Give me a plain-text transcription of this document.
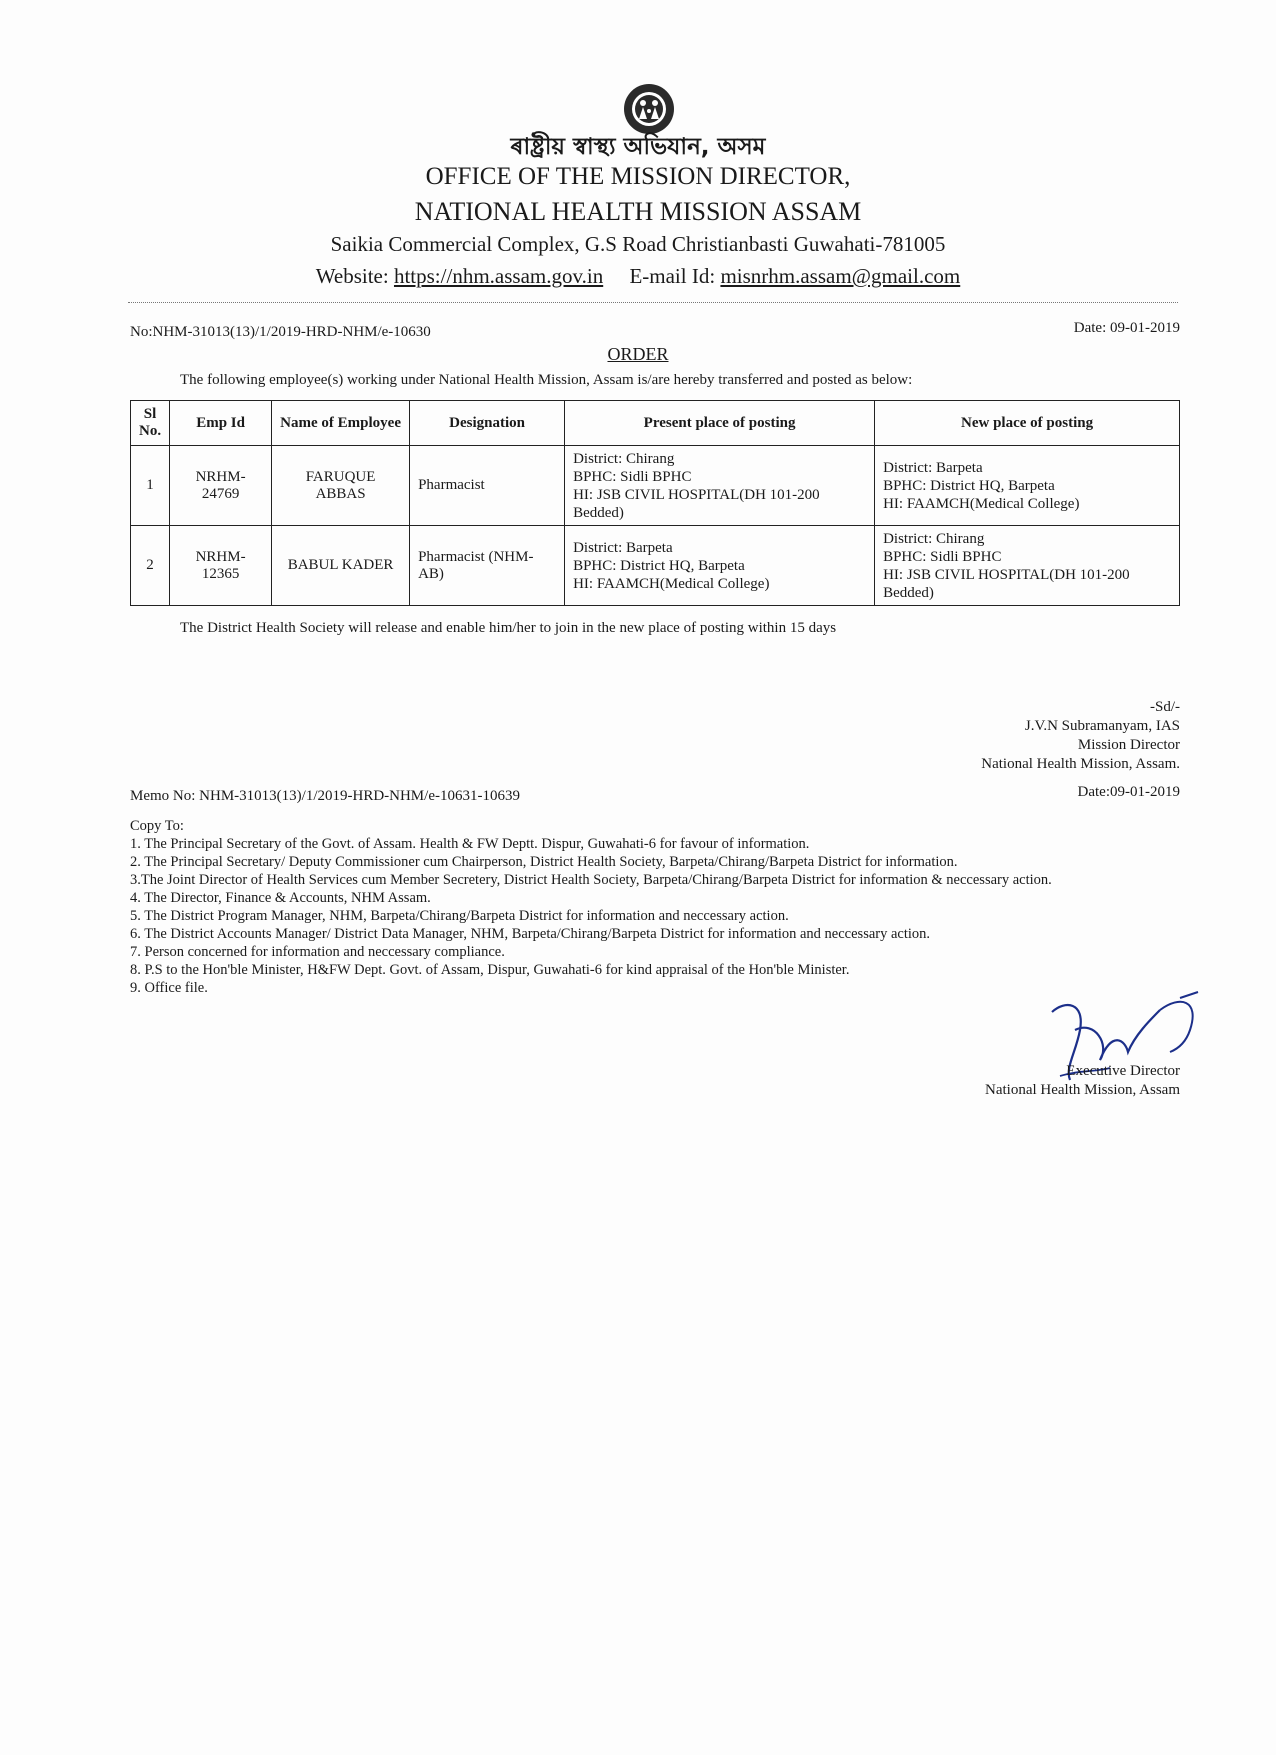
ৰাষ্ট্ৰীয় স্বাস্থ্য অভিযান, অসম
OFFICE OF THE MISSION DIRECTOR,
NATIONAL HEALTH MISSION ASSAM
Saikia Commercial Complex, G.S Road Christianbasti Guwahati-781005
Website: https://nhm.assam.gov.in E-mail Id: misnrhm.assam@gmail.com
No:NHM-31013(13)/1/2019-HRD-NHM/e-10630	Date: 09-01-2019
ORDER
The following employee(s) working under National Health Mission, Assam is/are hereby transferred and posted as below:
Sl No.	Emp Id	Name of Employee	Designation	Present place of posting	New place of posting
1	NRHM-24769	FARUQUE ABBAS	Pharmacist	District: Chirang
BPHC: Sidli BPHC
HI: JSB CIVIL HOSPITAL(DH 101-200 Bedded)	District: Barpeta
BPHC: District HQ, Barpeta
HI: FAAMCH(Medical College)

2	NRHM-12365	BABUL KADER	Pharmacist (NHM-AB)	District: Barpeta
BPHC: District HQ, Barpeta
HI: FAAMCH(Medical College)	District: Chirang
BPHC: Sidli BPHC
HI: JSB CIVIL HOSPITAL(DH 101-200 Bedded)
The District Health Society will release and enable him/her to join in the new place of posting within 15 days
-Sd/-
J.V.N Subramanyam, IAS
Mission Director
National Health Mission, Assam.
Memo No: NHM-31013(13)/1/2019-HRD-NHM/e-10631-10639	Date:09-01-2019
Copy To:
1. The Principal Secretary of the Govt. of Assam. Health & FW Deptt. Dispur, Guwahati-6 for favour of information.
2. The Principal Secretary/ Deputy Commissioner cum Chairperson, District Health Society, Barpeta/Chirang/Barpeta District for information.
3.The Joint Director of Health Services cum Member Secretery, District Health Society, Barpeta/Chirang/Barpeta District for information & neccessary action.
4. The Director, Finance & Accounts, NHM Assam.
5. The District Program Manager, NHM, Barpeta/Chirang/Barpeta District for information and neccessary action.
6. The District Accounts Manager/ District Data Manager, NHM, Barpeta/Chirang/Barpeta District for information and neccessary action.
7. Person concerned for information and neccessary compliance.
8. P.S to the Hon'ble Minister, H&FW Dept. Govt. of Assam, Dispur, Guwahati-6 for kind appraisal of the Hon'ble Minister.
9. Office file.
Executive Director
National Health Mission, Assam
